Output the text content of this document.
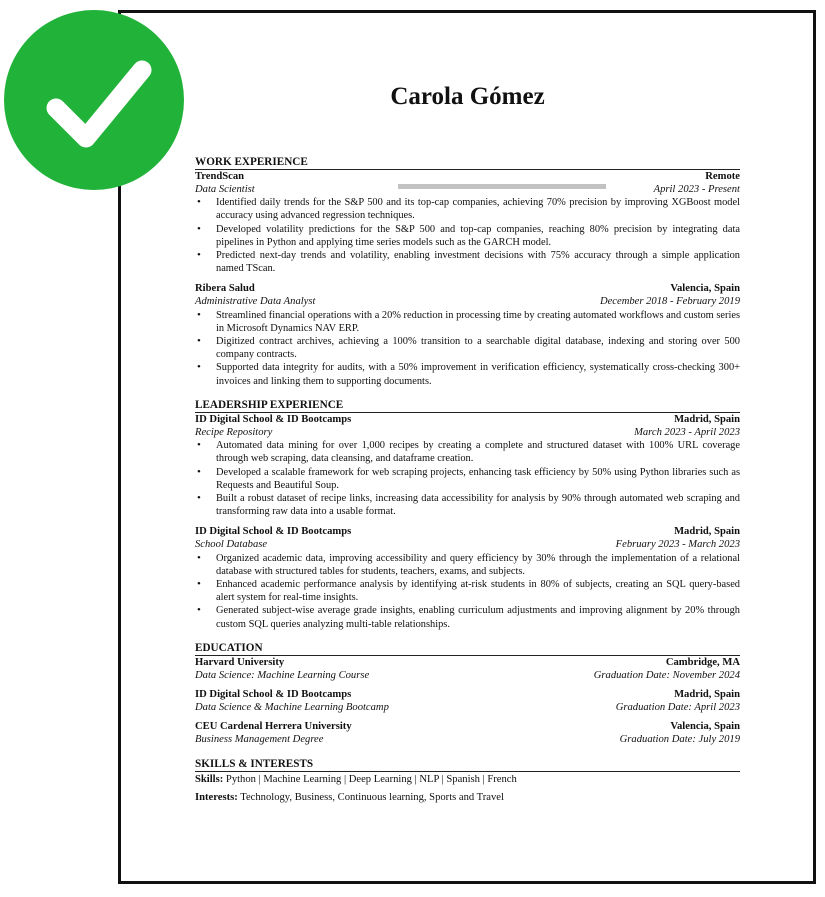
Carola Gómez
WORK EXPERIENCE
TrendScan	Remote
Data Scientist	April 2023 - Present
• Identified daily trends for the S&P 500 and its top-cap companies, achieving 70% precision by improving XGBoost model accuracy using advanced regression techniques.
• Developed volatility predictions for the S&P 500 and top-cap companies, reaching 80% precision by integrating data pipelines in Python and applying time series models such as the GARCH model.
• Predicted next-day trends and volatility, enabling investment decisions with 75% accuracy through a simple application named TScan.
Ribera Salud	Valencia, Spain
Administrative Data Analyst	December 2018 - February 2019
• Streamlined financial operations with a 20% reduction in processing time by creating automated workflows and custom series in Microsoft Dynamics NAV ERP.
• Digitized contract archives, achieving a 100% transition to a searchable digital database, indexing and storing over 500 company contracts.
• Supported data integrity for audits, with a 50% improvement in verification efficiency, systematically cross-checking 300+ invoices and linking them to supporting documents.
LEADERSHIP EXPERIENCE
ID Digital School & ID Bootcamps	Madrid, Spain
Recipe Repository	March 2023 - April 2023
• Automated data mining for over 1,000 recipes by creating a complete and structured dataset with 100% URL coverage through web scraping, data cleansing, and dataframe creation.
• Developed a scalable framework for web scraping projects, enhancing task efficiency by 50% using Python libraries such as Requests and Beautiful Soup.
• Built a robust dataset of recipe links, increasing data accessibility for analysis by 90% through automated web scraping and transforming raw data into a usable format.
ID Digital School & ID Bootcamps	Madrid, Spain
School Database	February 2023 - March 2023
• Organized academic data, improving accessibility and query efficiency by 30% through the implementation of a relational database with structured tables for students, teachers, exams, and subjects.
• Enhanced academic performance analysis by identifying at-risk students in 80% of subjects, creating an SQL query-based alert system for real-time insights.
• Generated subject-wise average grade insights, enabling curriculum adjustments and improving alignment by 20% through custom SQL queries analyzing multi-table relationships.
EDUCATION
Harvard University	Cambridge, MA
Data Science: Machine Learning Course	Graduation Date: November 2024
ID Digital School & ID Bootcamps	Madrid, Spain
Data Science & Machine Learning Bootcamp	Graduation Date: April 2023
CEU Cardenal Herrera University	Valencia, Spain
Business Management Degree	Graduation Date: July 2019
SKILLS & INTERESTS
Skills: Python | Machine Learning | Deep Learning | NLP | Spanish | French
Interests: Technology, Business, Continuous learning, Sports and Travel
